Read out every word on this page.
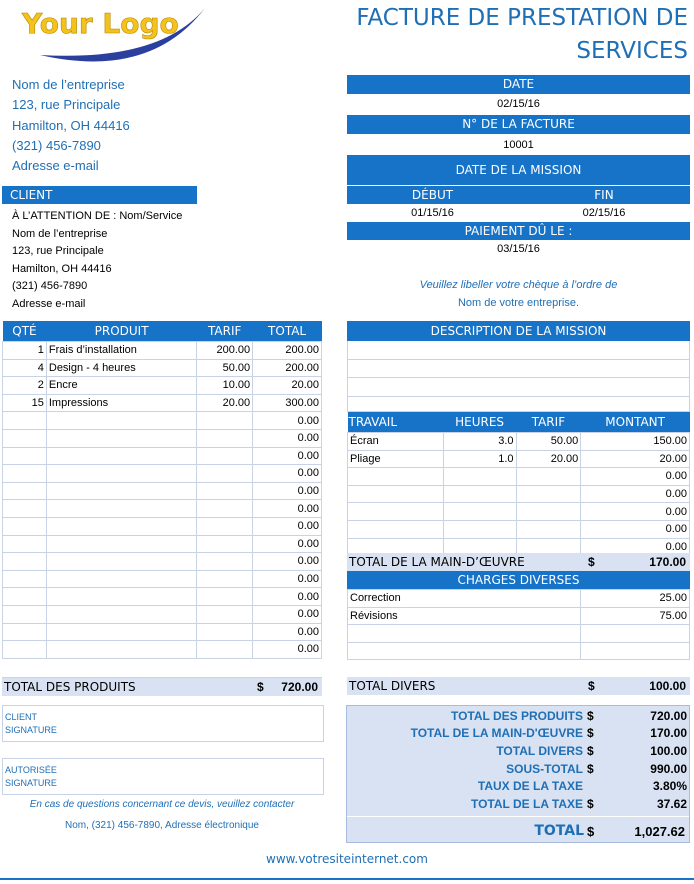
Your Logo	FACTURE DE PRESTATION DE
SERVICES
Nom de l’entreprise
123, rue Principale
Hamilton, OH 44416
(321) 456-7890
Adresse e-mail
DATE
02/15/16
N° DE LA FACTURE
10001
DATE DE LA MISSION
DÉBUT	FIN
01/15/16	02/15/16
PAIEMENT DÛ LE :
03/15/16
Veuillez libeller votre chèque à l’ordre de
Nom de votre entreprise.
CLIENT
À L’ATTENTION DE : Nom/Service
Nom de l’entreprise
123, rue Principale
Hamilton, OH 44416
(321) 456-7890
Adresse e-mail
QTÉ	PRODUIT	TARIF	TOTAL
1	Frais d’installation	200.00	200.00
4	Design - 4 heures	50.00	200.00
2	Encre	10.00	20.00
15	Impressions	20.00	300.00
			0.00
			0.00
			0.00
			0.00
			0.00
			0.00
			0.00
			0.00
			0.00
			0.00
			0.00
			0.00
			0.00
			0.00
TOTAL DES PRODUITS	$ 720.00
DESCRIPTION DE LA MISSION
TRAVAIL	HEURES	TARIF	MONTANT
Écran	3.0	50.00	150.00
Pliage	1.0	20.00	20.00
			0.00
			0.00
			0.00
			0.00
			0.00
TOTAL DE LA MAIN-D’ŒUVRE	$	170.00
CHARGES DIVERSES
Correction	25.00
Révisions	75.00

TOTAL DIVERS	$	100.00
CLIENT
SIGNATURE
AUTORISÉE
SIGNATURE
En cas de questions concernant ce devis, veuillez contacter
Nom, (321) 456-7890, Adresse électronique
TOTAL DES PRODUITS	$	720.00
TOTAL DE LA MAIN-D'ŒUVRE	$	170.00
TOTAL DIVERS	$	100.00
SOUS-TOTAL	$	990.00
TAUX DE LA TAXE		3.80%
TOTAL DE LA TAXE	$	37.62
TOTAL $	1,027.62
www.votresiteinternet.com
